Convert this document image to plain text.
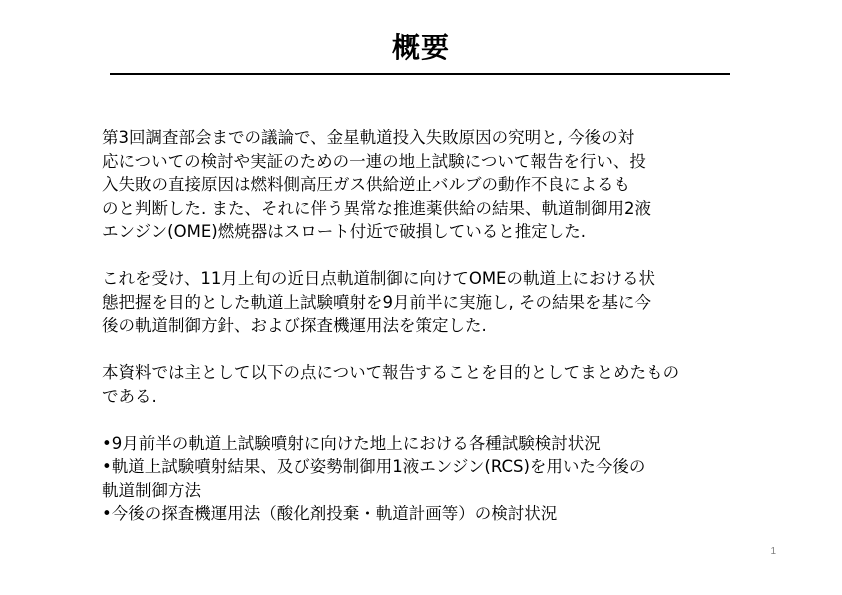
概要

第3回調査部会までの議論で、金星軌道投入失敗原因の究明と, 今後の対
応についての検討や実証のための一連の地上試験について報告を行い、投
入失敗の直接原因は燃料側高圧ガス供給逆止バルブの動作不良によるも
のと判断した. また、それに伴う異常な推進薬供給の結果、軌道制御用2液
エンジン(OME)燃焼器はスロート付近で破損していると推定した.

これを受け、11月上旬の近日点軌道制御に向けてOMEの軌道上における状
態把握を目的とした軌道上試験噴射を9月前半に実施し, その結果を基に今
後の軌道制御方針、および探査機運用法を策定した.

本資料では主として以下の点について報告することを目的としてまとめたもの
である.

•9月前半の軌道上試験噴射に向けた地上における各種試験検討状況
•軌道上試験噴射結果、及び姿勢制御用1液エンジン(RCS)を用いた今後の
軌道制御方法
•今後の探査機運用法（酸化剤投棄・軌道計画等）の検討状況

1
